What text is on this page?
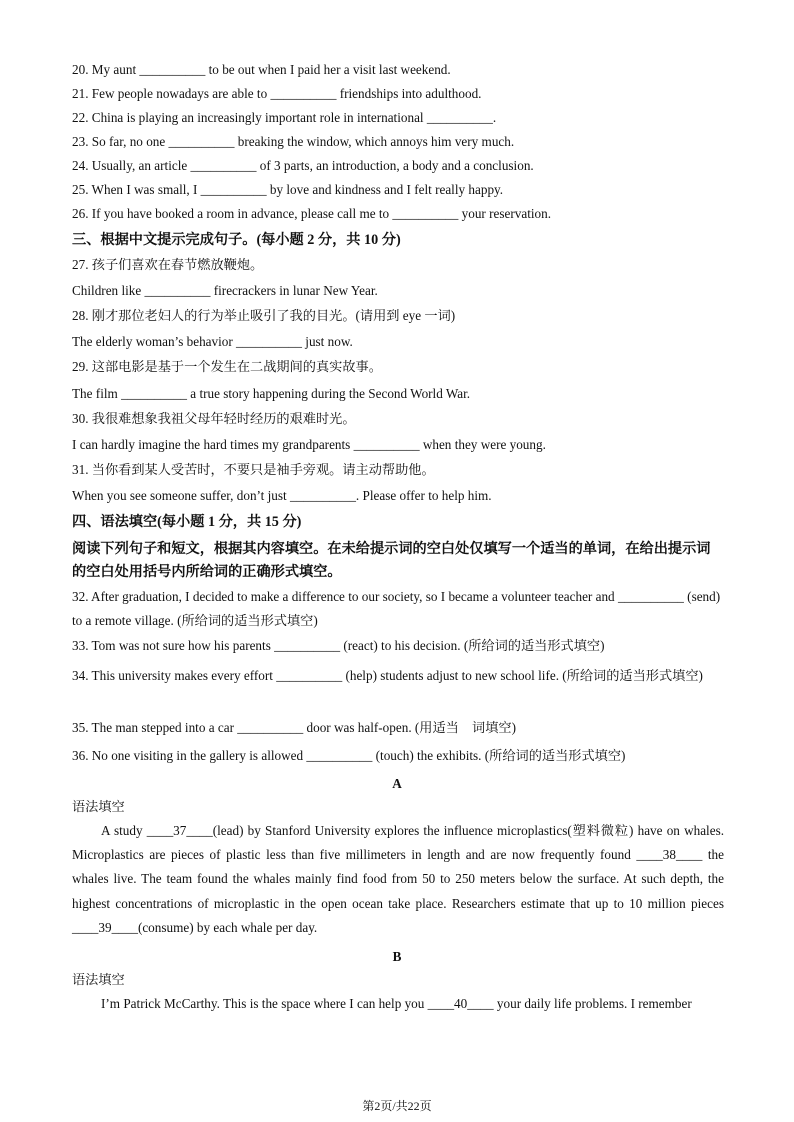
20. My aunt __________ to be out when I paid her a visit last weekend.
21. Few people nowadays are able to __________ friendships into adulthood.
22. China is playing an increasingly important role in international __________.
23. So far, no one __________ breaking the window, which annoys him very much.
24. Usually, an article __________ of 3 parts, an introduction, a body and a conclusion.
25. When I was small, I __________ by love and kindness and I felt really happy.
26. If you have booked a room in advance, please call me to __________ your reservation.
三、根据中文提示完成句子。(每小题 2 分，共 10 分)
27. 孩子们喜欢在春节燃放鞭炮。
Children like __________ firecrackers in lunar New Year.
28. 刚才那位老妇人的行为举止吸引了我的目光。(请用到 eye 一词)
The elderly woman’s behavior __________ just now.
29. 这部电影是基于一个发生在二战期间的真实故事。
The film __________ a true story happening during the Second World War.
30. 我很难想象我祖父母年轻时经历的艰难时光。
I can hardly imagine the hard times my grandparents __________ when they were young.
31. 当你看到某人受苦时，不要只是袖手旁观。请主动帮助他。
When you see someone suffer, don’t just __________. Please offer to help him.
四、语法填空(每小题 1 分，共 15 分)
阅读下列句子和短文，根据其内容填空。在未给提示词的空白处仅填写一个适当的单词，在给出提示词的空白处用括号内所给词的正确形式填空。
32. After graduation, I decided to make a difference to our society, so I became a volunteer teacher and __________ (send) to a remote village. (所给词的适当形式填空)
33. Tom was not sure how his parents __________ (react) to his decision. (所给词的适当形式填空)
34. This university makes every effort __________ (help) students adjust to new school life. (所给词的适当形式填空)
35. The man stepped into a car __________ door was half-open. (用适当　词填空)
36. No one visiting in the gallery is allowed __________ (touch) the exhibits. (所给词的适当形式填空)
A
语法填空
A study ____37____(lead) by Stanford University explores the influence microplastics(塑料微粒) have on whales. Microplastics are pieces of plastic less than five millimeters in length and are now frequently found ____38____ the whales live. The team found the whales mainly find food from 50 to 250 meters below the surface. At such depth, the highest concentrations of microplastic in the open ocean take place. Researchers estimate that up to 10 million pieces ____39____(consume) by each whale per day.
B
语法填空
I’m Patrick McCarthy. This is the space where I can help you ____40____ your daily life problems. I remember
第2页/共22页
